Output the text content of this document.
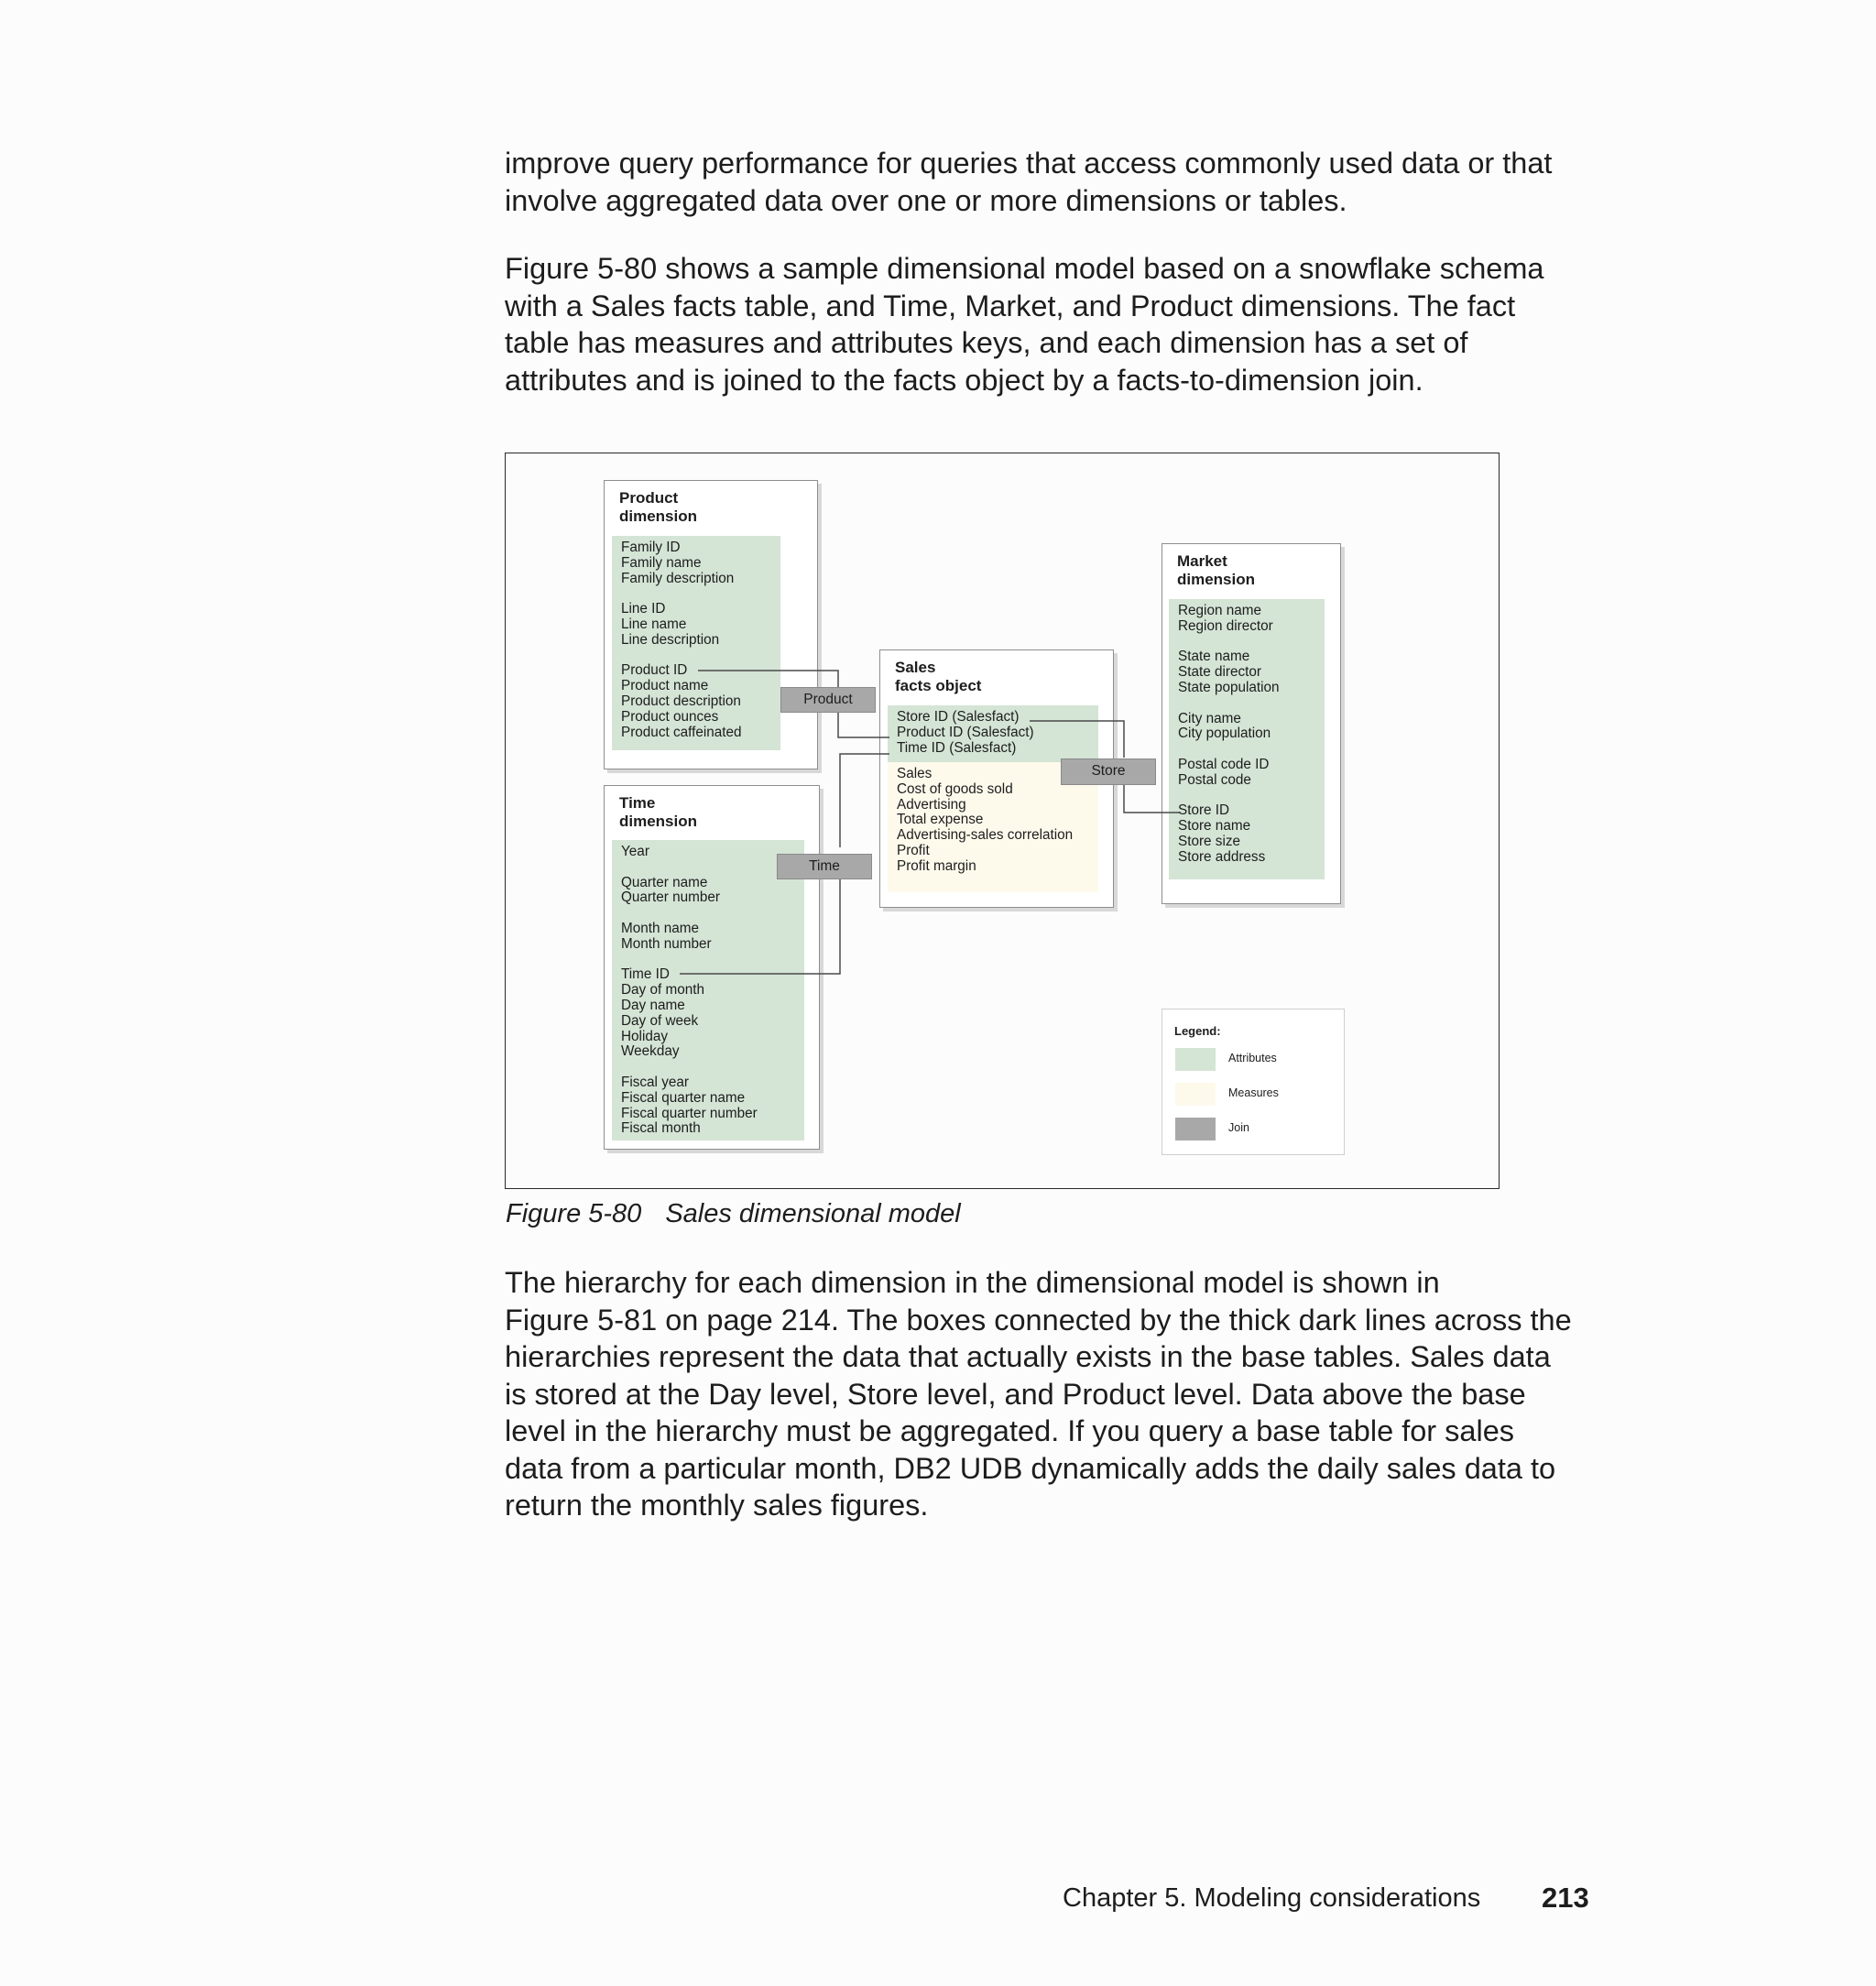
improve query performance for queries that access commonly used data or that
involve aggregated data over one or more dimensions or tables.

Figure 5-80 shows a sample dimensional model based on a snowflake schema
with a Sales facts table, and Time, Market, and Product dimensions. The fact
table has measures and attributes keys, and each dimension has a set of
attributes and is joined to the facts object by a facts-to-dimension join.

Product
dimension

Family ID
Family name
Family description
Line ID
Line name
Line description
Product ID
Product name
Product description
Product ounces
Product caffeinated

Time
dimension

Year
Quarter name
Quarter number
Month name
Month number
Time ID
Day of month
Day name
Day of week
Holiday
Weekday
Fiscal year
Fiscal quarter name
Fiscal quarter number
Fiscal month

Sales
facts object

Store ID (Salesfact)
Product ID (Salesfact)
Time ID (Salesfact)
Sales
Cost of goods sold
Advertising
Total expense
Advertising-sales correlation
Profit
Profit margin

Market
dimension

Region name
Region director
State name
State director
State population
City name
City population
Postal code ID
Postal code
Store ID
Store name
Store size
Store address
Product
Store
Time
Legend:
Attributes
Measures
Join

Figure 5-80 Sales dimensional model

The hierarchy for each dimension in the dimensional model is shown in
Figure 5-81 on page 214. The boxes connected by the thick dark lines across the
hierarchies represent the data that actually exists in the base tables. Sales data
is stored at the Day level, Store level, and Product level. Data above the base
level in the hierarchy must be aggregated. If you query a base table for sales
data from a particular month, DB2 UDB dynamically adds the daily sales data to
return the monthly sales figures.

Chapter 5. Modeling considerations 213
